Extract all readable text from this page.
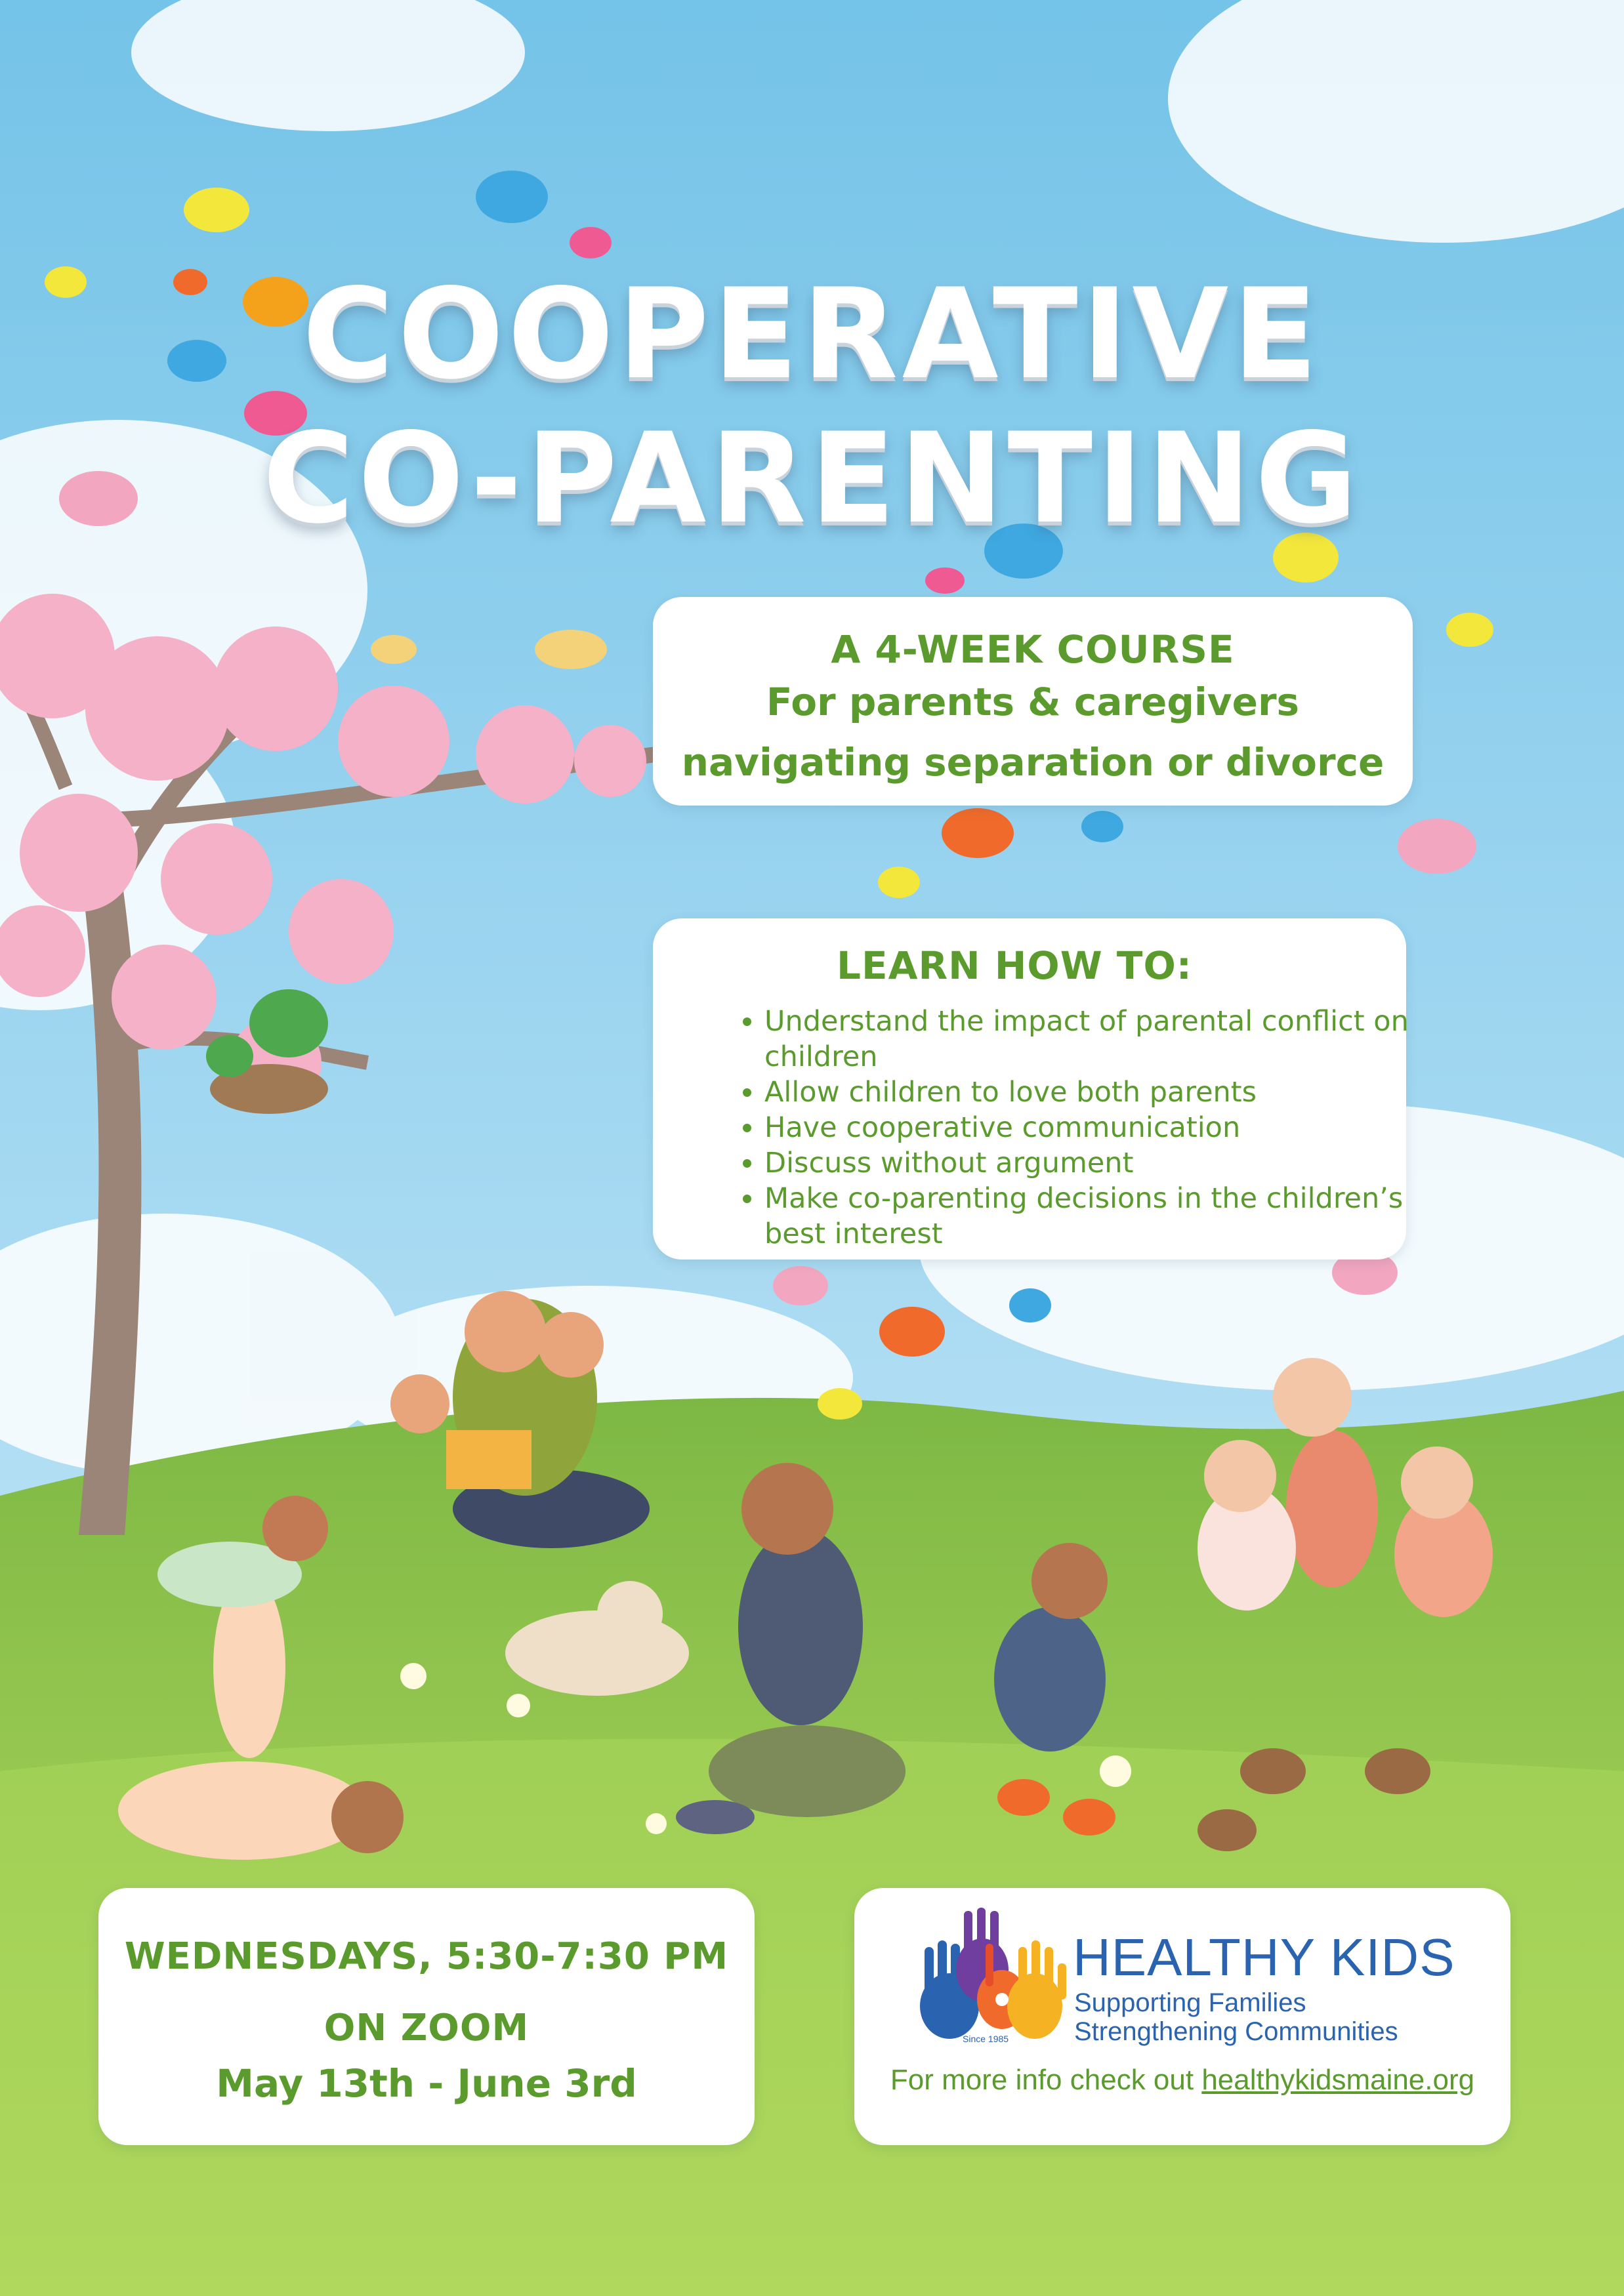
COOPERATIVE
CO-PARENTING
A 4-WEEK COURSE
For parents & caregivers
navigating separation or divorce
LEARN HOW TO:
• Understand the impact of parental conflict on children
• Allow children to love both parents
• Have cooperative communication
• Discuss without argument
• Make co-parenting decisions in the children’s best interest
WEDNESDAYS, 5:30-7:30 PM
ON ZOOM
May 13th - June 3rd
Since 1985
HEALTHY KIDS
Supporting Families
Strengthening Communities
For more info check out healthykidsmaine.org
